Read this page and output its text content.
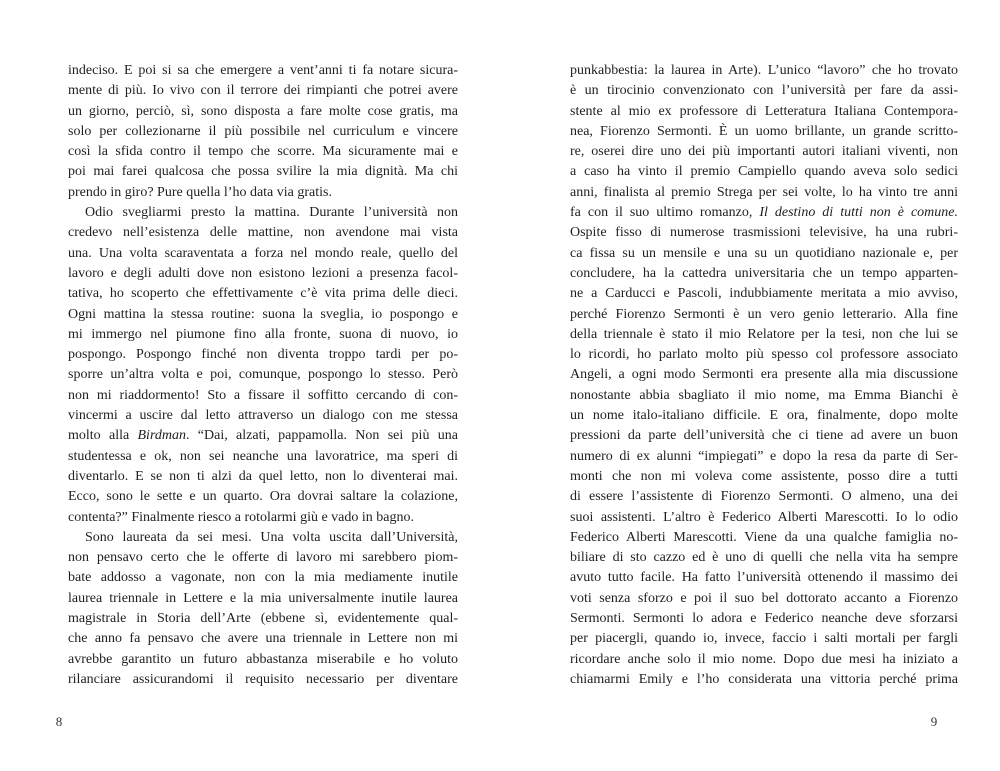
indeciso. E poi si sa che emergere a vent’anni ti fa notare sicura-
mente di più. Io vivo con il terrore dei rimpianti che potrei avere
un giorno, perciò, sì, sono disposta a fare molte cose gratis, ma
solo per collezionarne il più possibile nel curriculum e vincere
così la sfida contro il tempo che scorre. Ma sicuramente mai e
poi mai farei qualcosa che possa svilire la mia dignità. Ma chi
prendo in giro? Pure quella l’ho data via gratis.
Odio svegliarmi presto la mattina. Durante l’università non
credevo nell’esistenza delle mattine, non avendone mai vista
una. Una volta scaraventata a forza nel mondo reale, quello del
lavoro e degli adulti dove non esistono lezioni a presenza facol-
tativa, ho scoperto che effettivamente c’è vita prima delle dieci.
Ogni mattina la stessa routine: suona la sveglia, io pospongo e
mi immergo nel piumone fino alla fronte, suona di nuovo, io
pospongo. Pospongo finché non diventa troppo tardi per po-
sporre un’altra volta e poi, comunque, pospongo lo stesso. Però
non mi riaddormento! Sto a fissare il soffitto cercando di con-
vincermi a uscire dal letto attraverso un dialogo con me stessa
molto alla Birdman. “Dai, alzati, pappamolla. Non sei più una
studentessa e ok, non sei neanche una lavoratrice, ma speri di
diventarlo. E se non ti alzi da quel letto, non lo diventerai mai.
Ecco, sono le sette e un quarto. Ora dovrai saltare la colazione,
contenta?” Finalmente riesco a rotolarmi giù e vado in bagno.
Sono laureata da sei mesi. Una volta uscita dall’Università,
non pensavo certo che le offerte di lavoro mi sarebbero piom-
bate addosso a vagonate, non con la mia mediamente inutile
laurea triennale in Lettere e la mia universalmente inutile laurea
magistrale in Storia dell’Arte (ebbene sì, evidentemente qual-
che anno fa pensavo che avere una triennale in Lettere non mi
avrebbe garantito un futuro abbastanza miserabile e ho voluto
rilanciare assicurandomi il requisito necessario per diventare
punkabbestia: la laurea in Arte). L’unico “lavoro” che ho trovato
è un tirocinio convenzionato con l’università per fare da assi-
stente al mio ex professore di Letteratura Italiana Contempora-
nea, Fiorenzo Sermonti. È un uomo brillante, un grande scritto-
re, oserei dire uno dei più importanti autori italiani viventi, non
a caso ha vinto il premio Campiello quando aveva solo sedici
anni, finalista al premio Strega per sei volte, lo ha vinto tre anni
fa con il suo ultimo romanzo, Il destino di tutti non è comune.
Ospite fisso di numerose trasmissioni televisive, ha una rubri-
ca fissa su un mensile e una su un quotidiano nazionale e, per
concludere, ha la cattedra universitaria che un tempo apparten-
ne a Carducci e Pascoli, indubbiamente meritata a mio avviso,
perché Fiorenzo Sermonti è un vero genio letterario. Alla fine
della triennale è stato il mio Relatore per la tesi, non che lui se
lo ricordi, ho parlato molto più spesso col professore associato
Angeli, a ogni modo Sermonti era presente alla mia discussione
nonostante abbia sbagliato il mio nome, ma Emma Bianchi è
un nome italo-italiano difficile. E ora, finalmente, dopo molte
pressioni da parte dell’università che ci tiene ad avere un buon
numero di ex alunni “impiegati” e dopo la resa da parte di Ser-
monti che non mi voleva come assistente, posso dire a tutti
di essere l’assistente di Fiorenzo Sermonti. O almeno, una dei
suoi assistenti. L’altro è Federico Alberti Marescotti. Io lo odio
Federico Alberti Marescotti. Viene da una qualche famiglia no-
biliare di sto cazzo ed è uno di quelli che nella vita ha sempre
avuto tutto facile. Ha fatto l’università ottenendo il massimo dei
voti senza sforzo e poi il suo bel dottorato accanto a Fiorenzo
Sermonti. Sermonti lo adora e Federico neanche deve sforzarsi
per piacergli, quando io, invece, faccio i salti mortali per fargli
ricordare anche solo il mio nome. Dopo due mesi ha iniziato a
chiamarmi Emily e l’ho considerata una vittoria perché prima
8	9
